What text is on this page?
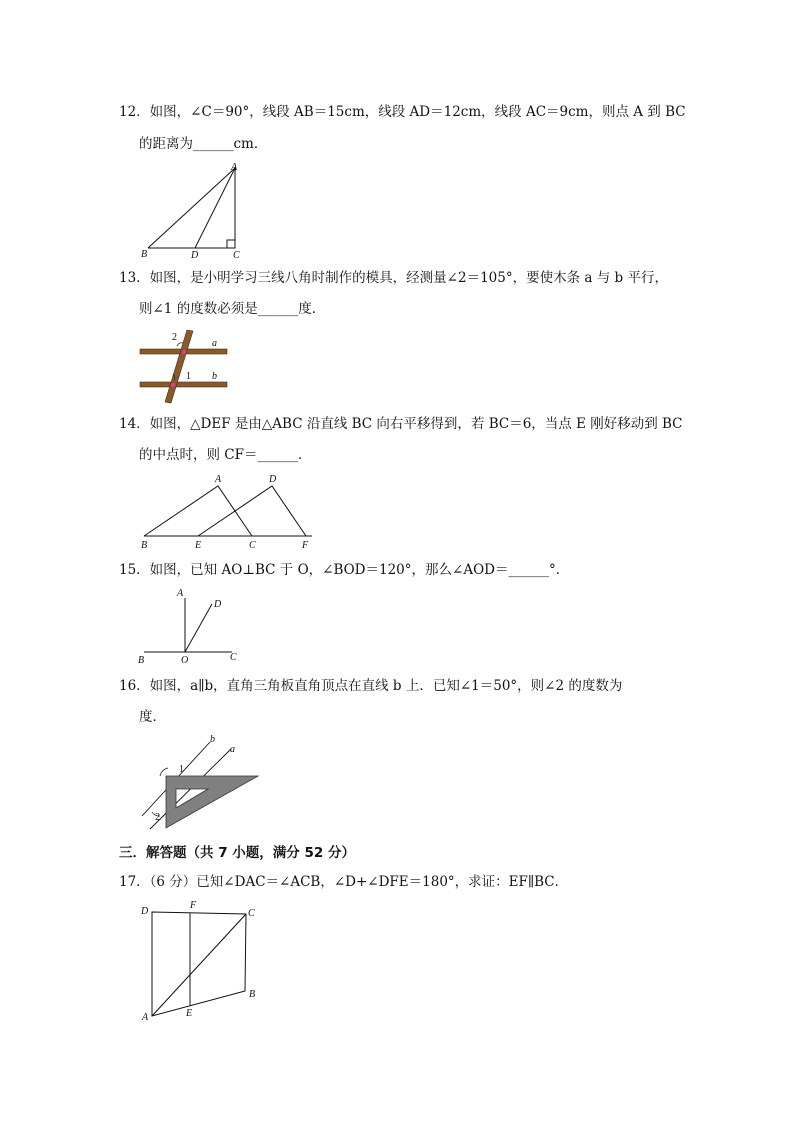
12．如图，∠C＝90°，线段 AB＝15cm，线段 AD＝12cm，线段 AC＝9cm，则点 A 到 BC
的距离为______cm．
A
B	D	C
13．如图，是小明学习三线八角时制作的模具，经测量∠2＝105°，要使木条 a 与 b 平行，
则∠1 的度数必须是______度．
2
1
a
b
14．如图，△DEF 是由△ABC 沿直线 BC 向右平移得到，若 BC＝6，当点 E 刚好移动到 BC
的中点时，则 CF＝______．
A	D
B	E	C	F
15．如图，已知 AO⊥BC 于 O，∠BOD＝120°，那么∠AOD＝______°．
A
D
B	O	C
16．如图，a∥b，直角三角板直角顶点在直线 b 上．已知∠1＝50°，则∠2 的度数为
度．
1
2
b
a
三．解答题（共 7 小题，满分 52 分）
17．（6 分）已知∠DAC＝∠ACB，∠D+∠DFE＝180°，求证：EF∥BC．
D
F
C
B
E
A
